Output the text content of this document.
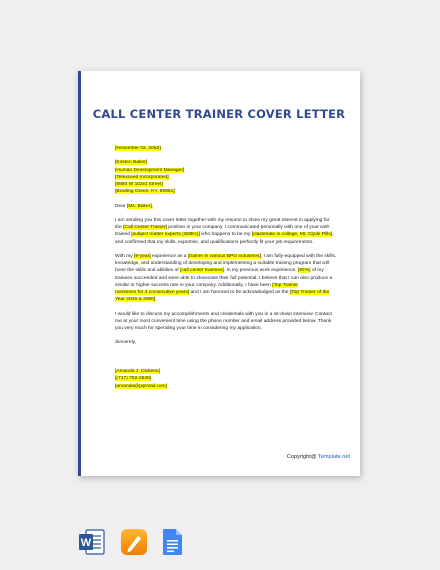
CALL CENTER TRAINER COVER LETTER

[November 02, 2062]

[Kirsten Baker]

[Human Development Manager]

[Telexceed Incorporated]

[8950 W 103rd Street]

[Bowling Green, KY, 60661]

Dear [Ms. Baker],

I am sending you this cover letter together with my resume to show my great interest in applying for

the [Call Center Trainer] position in your company. I communicated personally with one of your well-

trained [subject matter experts (SMEs)] who happens to be my [classmate in college, Mr. Clyde Pills],

and confirmed that my skills, expertise, and qualifications perfectly fit your job requirements.

With my [9-year] experience as a [trainer in various BPO industries], I am fully-equipped with the skills,

knowledge, and understanding of developing and implementing a suitable training program that will

hone the skills and abilities of [call center trainees]. In my previous work experience, [92%] of my

trainees succeeded and were able to showcase their full potential. I believe that I can also produce a

similar or higher success rate in your company. Additionally, I have been [Top Trainer

nominees for 4 consecutive years] and I am honored to be acknowledged as the [Top Trainer of the

Year 2049 & 2050].

I would like to discuss my accomplishments and credentials with you in a sit-down interview. Contact

me at your most convenient time using the phone number and email address provided below. Thank

you very much for spending your time in considering my application.

Sincerely,

[Amanda J. Dickens]

[(717) 752-2536]

[amanda@pqrmail.com]

Copyright@ Template.net
W
